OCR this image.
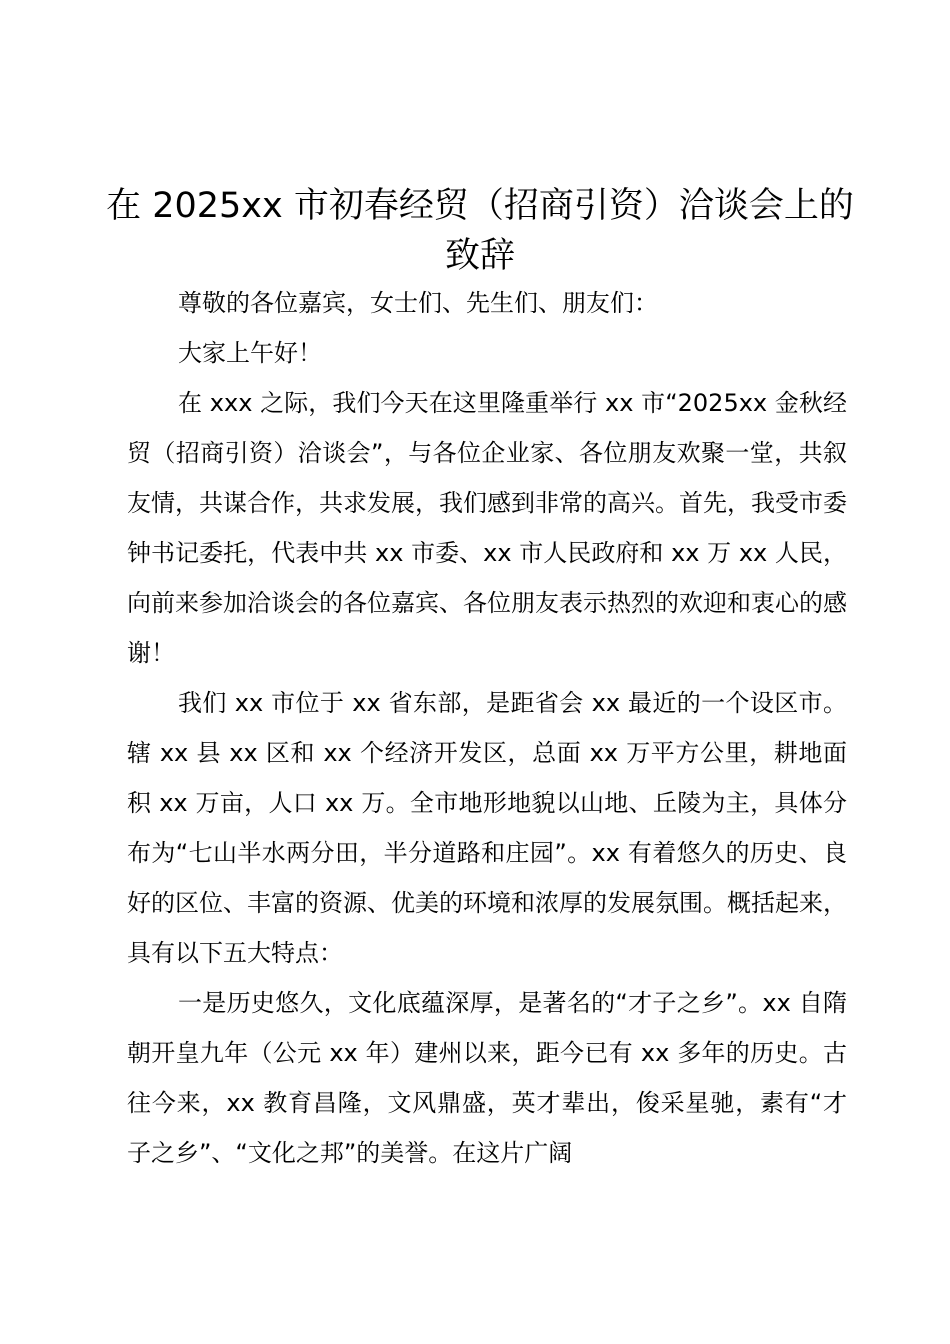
在 2025xx 市初春经贸（招商引资）洽谈会上的致辞

尊敬的各位嘉宾，女士们、先生们、朋友们：

大家上午好！

在 xxx 之际，我们今天在这里隆重举行 xx 市“2025xx 金秋经贸（招商引资）洽谈会”，与各位企业家、各位朋友欢聚一堂，共叙友情，共谋合作，共求发展，我们感到非常的高兴。首先，我受市委钟书记委托，代表中共 xx 市委、xx 市人民政府和 xx 万 xx 人民，向前来参加洽谈会的各位嘉宾、各位朋友表示热烈的欢迎和衷心的感谢！

我们 xx 市位于 xx 省东部，是距省会 xx 最近的一个设区市。辖 xx 县 xx 区和 xx 个经济开发区，总面 xx 万平方公里，耕地面积 xx 万亩，人口 xx 万。全市地形地貌以山地、丘陵为主，具体分布为“七山半水两分田，半分道路和庄园”。xx 有着悠久的历史、良好的区位、丰富的资源、优美的环境和浓厚的发展氛围。概括起来，具有以下五大特点：

一是历史悠久，文化底蕴深厚，是著名的“才子之乡”。xx 自隋朝开皇九年（公元 xx 年）建州以来，距今已有 xx 多年的历史。古往今来，xx 教育昌隆，文风鼎盛，英才辈出，俊采星驰，素有“才子之乡”、“文化之邦”的美誉。在这片广阔
